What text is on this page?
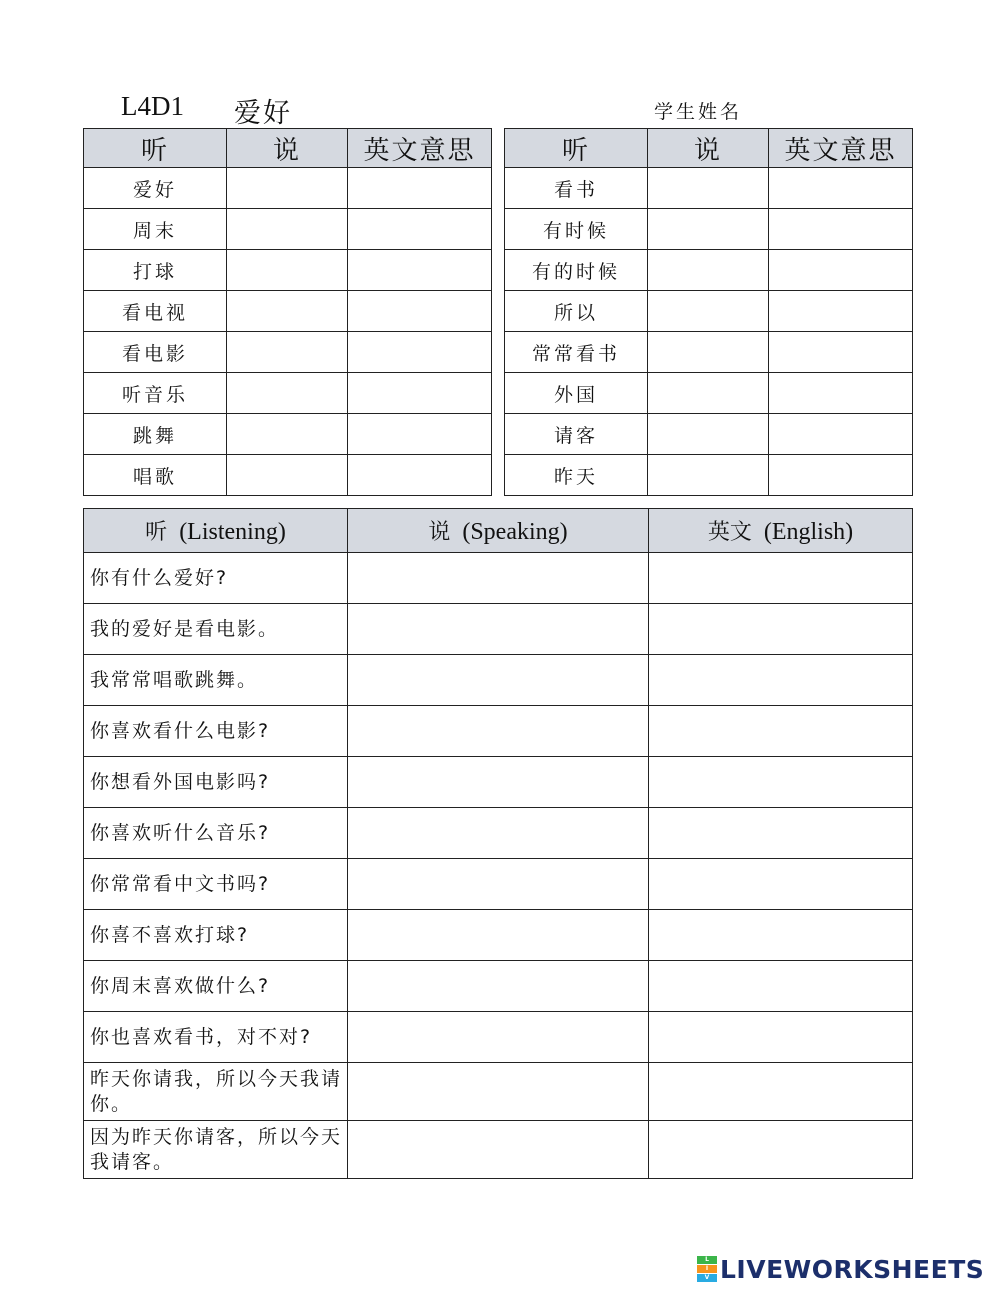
L4D1 爱好	学生姓名
听	说	英文意思
爱好		
周末		
打球		
看电视		
看电影		
听音乐		
跳舞		
唱歌		
听	说	英文意思
看书		
有时候		
有的时候		
所以		
常常看书		
外国		
请客		
昨天		
听 (Listening)	说 (Speaking)	英文 (English)
你有什么爱好?		
我的爱好是看电影。		
我常常唱歌跳舞。		
你喜欢看什么电影?		
你想看外国电影吗?		
你喜欢听什么音乐?		
你常常看中文书吗?		
你喜不喜欢打球?		
你周末喜欢做什么?		
你也喜欢看书，对不对?		
昨天你请我，所以今天我请你。		
因为昨天你请客，所以今天我请客。		
L
I
V LIVEWORKSHEETS
